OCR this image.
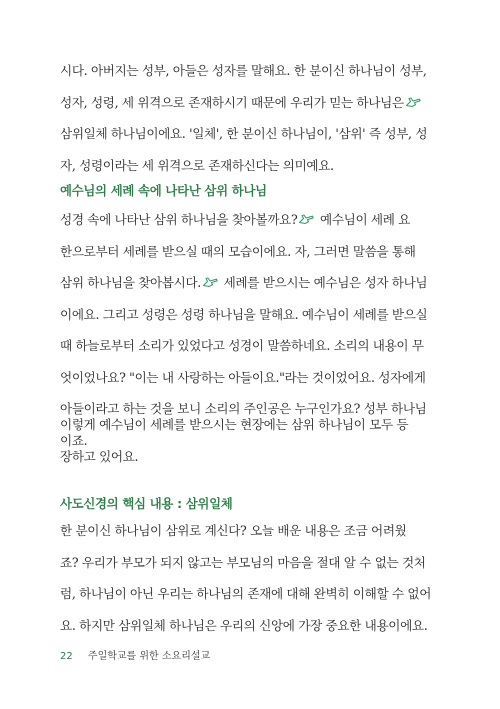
시다. 아버지는 성부, 아들은 성자를 말해요. 한 분이신 하나님이 성부,
성자, 성령, 세 위격으로 존재하시기 때문에 우리가 믿는 하나님은
삼위일체 하나님이에요. '일체', 한 분이신 하나님이, '삼위' 즉 성부, 성
자, 성령이라는 세 위격으로 존재하신다는 의미예요.
예수님의 세례 속에 나타난 삼위 하나님
성경 속에 나타난 삼위 하나님을 찾아볼까요?
예수님이 세례 요
한으로부터 세례를 받으실 때의 모습이에요. 자, 그러면 말씀을 통해
삼위 하나님을 찾아봅시다.
세례를 받으시는 예수님은 성자 하나님
이에요. 그리고 성령은 성령 하나님을 말해요. 예수님이 세례를 받으실
때 하늘로부터 소리가 있었다고 성경이 말씀하네요. 소리의 내용이 무
엇이었나요? "이는 내 사랑하는 아들이요."라는 것이었어요. 성자에게
아들이라고 하는 것을 보니 소리의 주인공은 누구인가요? 성부 하나님
이죠.
이렇게 예수님이 세례를 받으시는 현장에는 삼위 하나님이 모두 등
장하고 있어요.
사도신경의 핵심 내용 : 삼위일체
한 분이신 하나님이 삼위로 계신다? 오늘 배운 내용은 조금 어려웠
죠? 우리가 부모가 되지 않고는 부모님의 마음을 절대 알 수 없는 것처
럼, 하나님이 아닌 우리는 하나님의 존재에 대해 완벽히 이해할 수 없어
요. 하지만 삼위일체 하나님은 우리의 신앙에 가장 중요한 내용이에요.
22 주일학교를 위한 소요리설교
